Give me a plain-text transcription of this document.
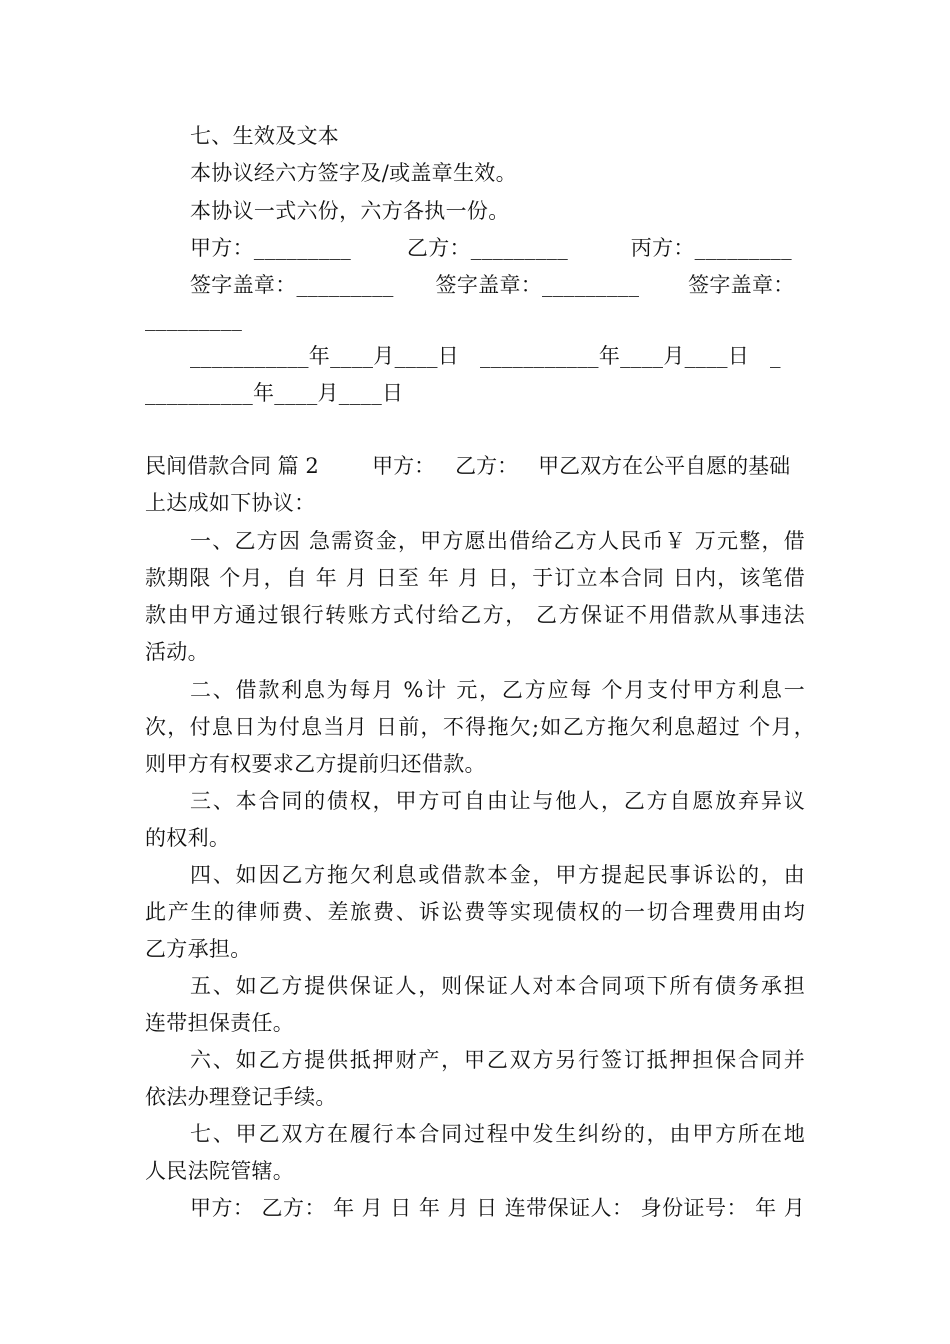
七、生效及文本
本协议经六方签字及/或盖章生效。
本协议一式六份，六方各执一份。
甲方：_________        乙方：_________         丙方：_________
签字盖章：_________      签字盖章：_________       签字盖章：
_________
___________年____月____日   ___________年____月____日   _
__________年____月____日
民间借款合同 篇 2        甲方：   乙方：   甲乙双方在公平自愿的基础
上达成如下协议：
一、乙方因 急需资金，甲方愿出借给乙方人民币￥ 万元整，借
款期限 个月，自 年 月 日至 年 月 日，于订立本合同 日内，该笔借
款由甲方通过银行转账方式付给乙方， 乙方保证不用借款从事违法
活动。
二、借款利息为每月 %计 元，乙方应每 个月支付甲方利息一
次，付息日为付息当月 日前，不得拖欠;如乙方拖欠利息超过 个月，
则甲方有权要求乙方提前归还借款。
三、本合同的债权，甲方可自由让与他人，乙方自愿放弃异议
的权利。
四、如因乙方拖欠利息或借款本金，甲方提起民事诉讼的，由
此产生的律师费、差旅费、诉讼费等实现债权的一切合理费用由均
乙方承担。
五、如乙方提供保证人，则保证人对本合同项下所有债务承担
连带担保责任。
六、如乙方提供抵押财产，甲乙双方另行签订抵押担保合同并
依法办理登记手续。
七、甲乙双方在履行本合同过程中发生纠纷的，由甲方所在地
人民法院管辖。
甲方： 乙方： 年 月 日 年 月 日 连带保证人： 身份证号： 年 月
